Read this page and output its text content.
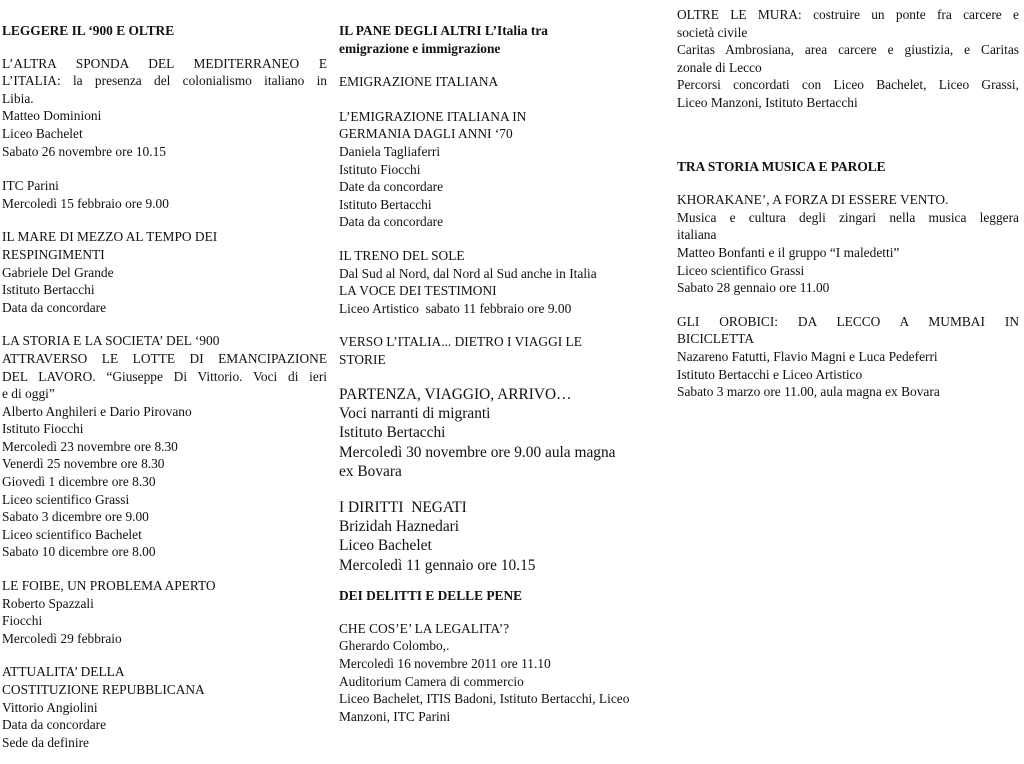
LEGGERE IL ‘900 E OLTRE
L’ALTRA SPONDA DEL MEDITERRANEO E
L’ITALIA: la presenza del colonialismo italiano in
Libia.
Matteo Dominioni
Liceo Bachelet
Sabato 26 novembre ore 10.15
ITC Parini
Mercoledì 15 febbraio ore 9.00
IL MARE DI MEZZO AL TEMPO DEI
RESPINGIMENTI
Gabriele Del Grande
Istituto Bertacchi
Data da concordare
LA STORIA E LA SOCIETA’ DEL ‘900
ATTRAVERSO LE LOTTE DI EMANCIPAZIONE
DEL LAVORO. “Giuseppe Di Vittorio. Voci di ieri
e di oggi”
Alberto Anghileri e Dario Pirovano
Istituto Fiocchi
Mercoledì 23 novembre ore 8.30
Venerdì 25 novembre ore 8.30
Giovedì 1 dicembre ore 8.30
Liceo scientifico Grassi
Sabato 3 dicembre ore 9.00
Liceo scientifico Bachelet
Sabato 10 dicembre ore 8.00
LE FOIBE, UN PROBLEMA APERTO
Roberto Spazzali
Fiocchi
Mercoledì 29 febbraio
ATTUALITA’ DELLA
COSTITUZIONE REPUBBLICANA
Vittorio Angiolini
Data da concordare
Sede da definire
IL PANE DEGLI ALTRI L’Italia tra
emigrazione e immigrazione
EMIGRAZIONE ITALIANA
L’EMIGRAZIONE ITALIANA IN
GERMANIA DAGLI ANNI ‘70
Daniela Tagliaferri
Istituto Fiocchi
Date da concordare
Istituto Bertacchi
Data da concordare
IL TRENO DEL SOLE
Dal Sud al Nord, dal Nord al Sud anche in Italia
LA VOCE DEI TESTIMONI
Liceo Artistico  sabato 11 febbraio ore 9.00
VERSO L’ITALIA... DIETRO I VIAGGI LE
STORIE
PARTENZA, VIAGGIO, ARRIVO…
Voci narranti di migranti
Istituto Bertacchi
Mercoledì 30 novembre ore 9.00 aula magna
ex Bovara
I DIRITTI  NEGATI
Brizidah Haznedari
Liceo Bachelet
Mercoledì 11 gennaio ore 10.15
DEI DELITTI E DELLE PENE
CHE COS’E’ LA LEGALITA’?
Gherardo Colombo,.
Mercoledì 16 novembre 2011 ore 11.10
Auditorium Camera di commercio
Liceo Bachelet, ITIS Badoni, Istituto Bertacchi, Liceo
Manzoni, ITC Parini
OLTRE LE MURA: costruire un ponte fra carcere e
società civile
Caritas Ambrosiana, area carcere e giustizia, e Caritas
zonale di Lecco
Percorsi concordati con Liceo Bachelet, Liceo Grassi,
Liceo Manzoni, Istituto Bertacchi
TRA STORIA MUSICA E PAROLE
KHORAKANE’, A FORZA DI ESSERE VENTO.
Musica e cultura degli zingari nella musica leggera
italiana
Matteo Bonfanti e il gruppo “I maledetti”
Liceo scientifico Grassi
Sabato 28 gennaio ore 11.00
GLI OROBICI: DA LECCO A MUMBAI IN
BICICLETTA
Nazareno Fatutti, Flavio Magni e Luca Pedeferri
Istituto Bertacchi e Liceo Artistico
Sabato 3 marzo ore 11.00, aula magna ex Bovara
